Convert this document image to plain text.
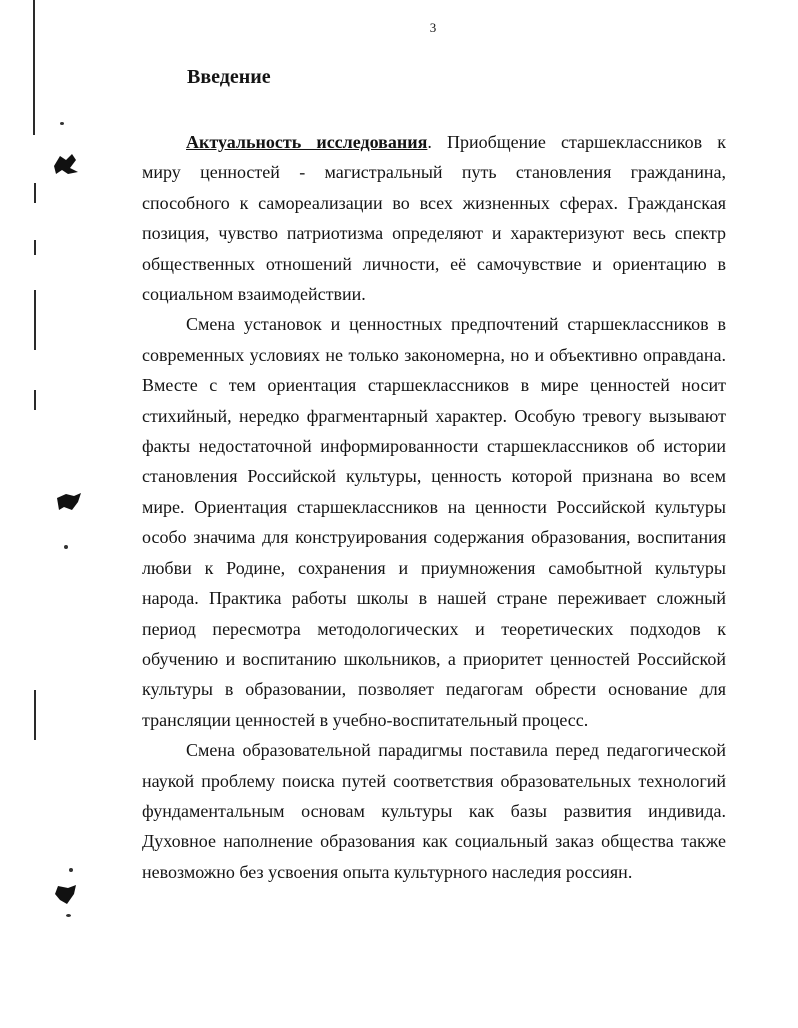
3
Введение

Актуальность исследования. Приобщение старшеклассников к миру ценностей - магистральный путь становления гражданина, способного к самореализации во всех жизненных сферах. Гражданская позиция, чувство патриотизма определяют и характеризуют весь спектр общественных отношений личности, её самочувствие и ориентацию в социальном взаимодействии.

Смена установок и ценностных предпочтений старшеклассников в современных условиях не только закономерна, но и объективно оправдана. Вместе с тем ориентация старшеклассников в мире ценностей носит стихийный, нередко фрагментарный характер. Особую тревогу вызывают факты недостаточной информированности старшеклассников об истории становления Российской культуры, ценность которой признана во всем мире. Ориентация старшеклассников на ценности Российской культуры особо значима для конструирования содержания образования, воспитания любви к Родине, сохранения и приумножения самобытной культуры народа. Практика работы школы в нашей стране переживает сложный период пересмотра методологических и теоретических подходов к обучению и воспитанию школьников, а приоритет ценностей Российской культуры в образовании, позволяет педагогам обрести основание для трансляции ценностей в учебно-воспитательный процесс.

Смена образовательной парадигмы поставила перед педагогической наукой проблему поиска путей соответствия образовательных технологий фундаментальным основам культуры как базы развития индивида. Духовное наполнение образования как социальный заказ общества также невозможно без усвоения опыта культурного наследия россиян.
